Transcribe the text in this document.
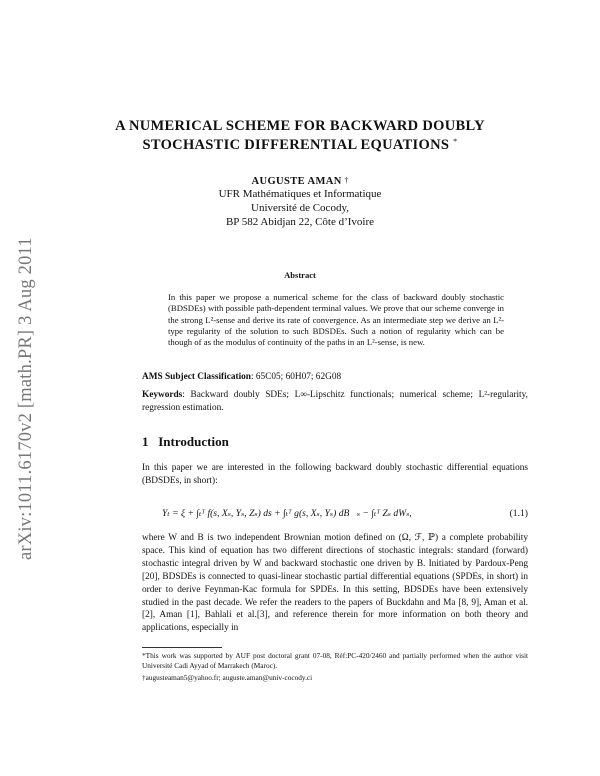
arXiv:1011.6170v2 [math.PR] 3 Aug 2011
A NUMERICAL SCHEME FOR BACKWARD DOUBLY
STOCHASTIC DIFFERENTIAL EQUATIONS *
AUGUSTE AMAN †
UFR Mathématiques et Informatique
Université de Cocody,
BP 582 Abidjan 22, Côte d’Ivoire
Abstract
In this paper we propose a numerical scheme for the class of backward doubly stochastic (BDSDEs) with possible path-dependent terminal values. We prove that our scheme converge in the strong L²-sense and derive its rate of convergence. As an intermediate step we derive an L²-type regularity of the solution to such BDSDEs. Such a notion of regularity which can be though of as the modulus of continuity of the paths in an L²-sense, is new.
AMS Subject Classification: 65C05; 60H07; 62G08
Keywords: Backward doubly SDEs; L∞-Lipschitz functionals; numerical scheme; L²-regularity, regression estimation.
1 Introduction
In this paper we are interested in the following backward doubly stochastic differential equations (BDSDEs, in short):
Yₜ = ξ + ∫ₜᵀ f(s, Xₛ, Yₛ, Zₛ) ds + ∫ₜᵀ g(s, Xₛ, Yₛ) dB⃖ₛ − ∫ₜᵀ Zₛ dWₛ,	(1.1)
where W and B is two independent Brownian motion defined on (Ω, ℱ, ℙ) a complete probability space. This kind of equation has two different directions of stochastic integrals: standard (forward) stochastic integral driven by W and backward stochastic one driven by B. Initiated by Pardoux-Peng [20], BDSDEs is connected to quasi-linear stochastic partial differential equations (SPDEs, in short) in order to derive Feynman-Kac formula for SPDEs. In this setting, BDSDEs have been extensively studied in the past decade. We refer the readers to the papers of Buckdahn and Ma [8, 9], Aman et al. [2], Aman [1], Bahlali et al.[3], and reference therein for more information on both theory and applications, especially in
*This work was supported by AUF post doctoral grant 07-08, Réf:PC-420/2460 and partially performed when the author visit Université Cadi Ayyad of Marrakech (Maroc).
†augusteaman5@yahoo.fr; auguste.aman@univ-cocody.ci
